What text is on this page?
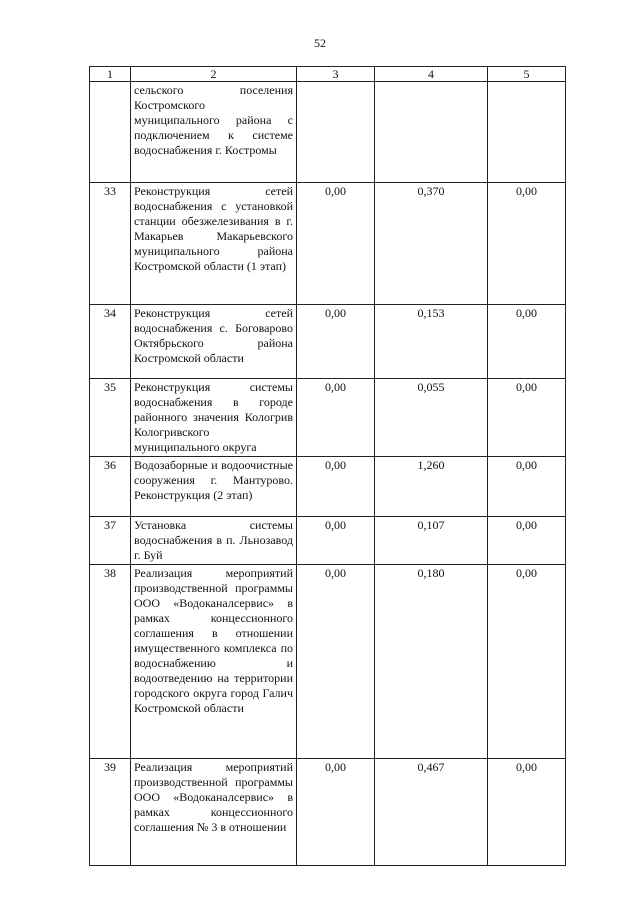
52
1	2	3	4	5
	сельского поселения Костромского муниципального района с подключением к системе водоснабжения г. Костромы			
33	Реконструкция сетей водоснабжения с установкой станции обезжелезивания в г. Макарьев Макарьевского муниципального района Костромской области (1 этап)	0,00	0,370	0,00
34	Реконструкция сетей водоснабжения с. Боговарово Октябрьского района Костромской области	0,00	0,153	0,00
35	Реконструкция системы водоснабжения в городе районного значения Кологрив Кологривского муниципального округа	0,00	0,055	0,00
36	Водозаборные и водоочистные сооружения г. Мантурово. Реконструкция (2 этап)	0,00	1,260	0,00
37	Установка системы водоснабжения в п. Льнозавод г. Буй	0,00	0,107	0,00
38	Реализация мероприятий производственной программы ООО «Водоканалсервис» в рамках концессионного соглашения в отношении имущественного комплекса по водоснабжению и водоотведению на территории городского округа город Галич Костромской области	0,00	0,180	0,00
39	Реализация мероприятий производственной программы ООО «Водоканалсервис» в рамках концессионного соглашения № 3 в отношении	0,00	0,467	0,00
